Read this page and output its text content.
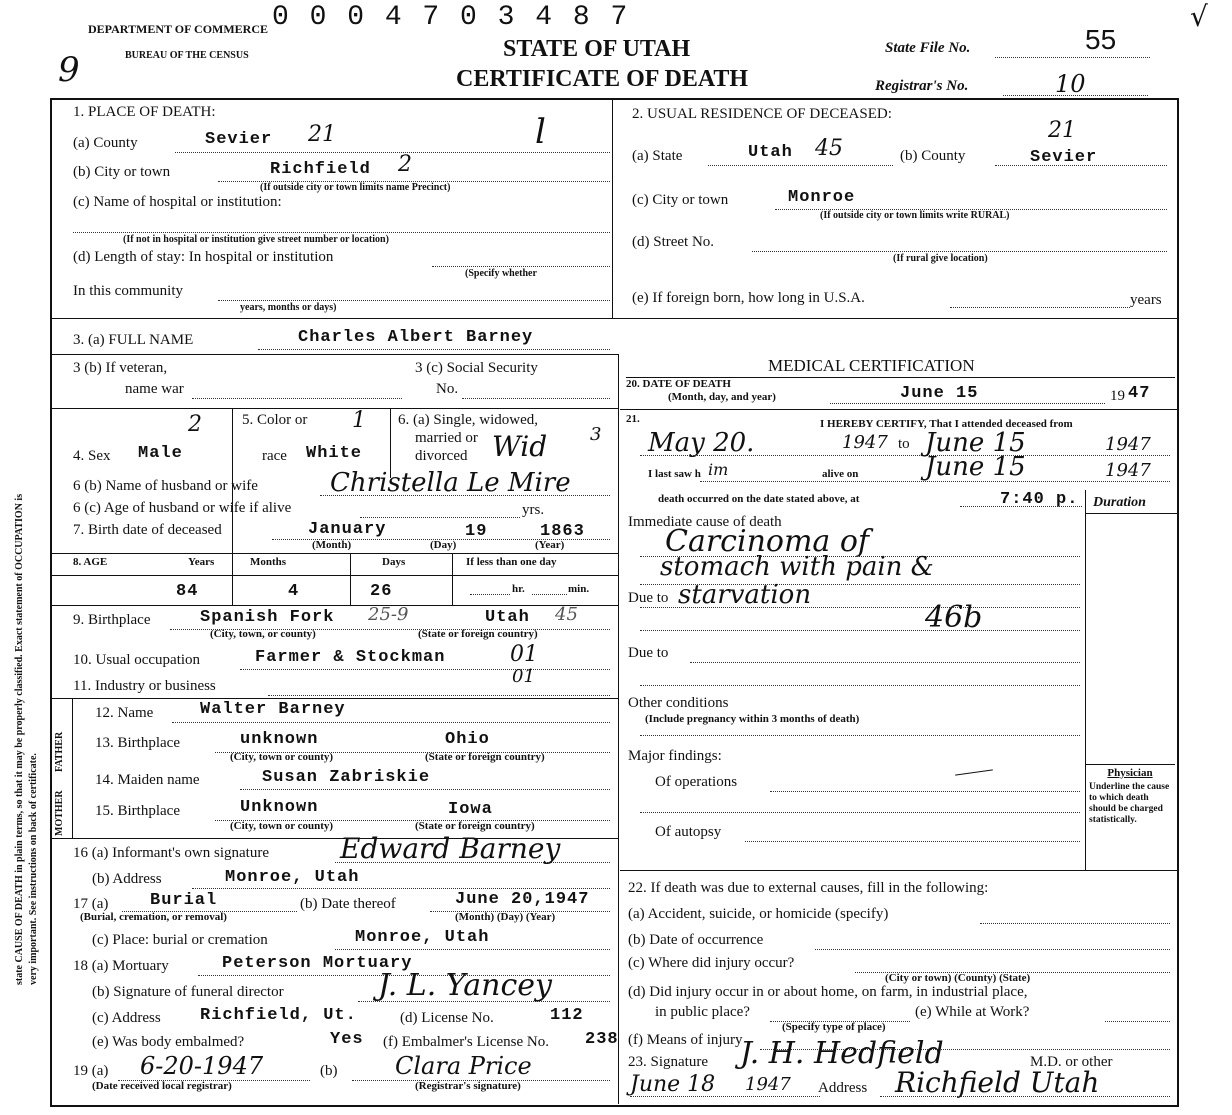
state CAUSE OF DEATH in plain terms, so that it may be properly classified. Exact statement of OCCUPATION is very important. See instructions on back of certificate.
DEPARTMENT OF COMMERCE
BUREAU OF THE CENSUS
9
0 0 0 4 7 0 3 4 8 7
STATE OF UTAH
CERTIFICATE OF DEATH
State File No.	55
Registrar's No.	10
√
1. PLACE OF DEATH:
(a) County	Sevier 21	l
(b) City or town	Richfield 2
(If outside city or town limits name Precinct)
(c) Name of hospital or institution:
(If not in hospital or institution give street number or location)
(d) Length of stay: In hospital or institution
(Specify whether
In this community
years, months or days)
2. USUAL RESIDENCE OF DECEASED:
(a) State	Utah 45	(b) County	Sevier
21
(c) City or town	Monroe
(If outside city or town limits write RURAL)
(d) Street No.
(If rural give location)
(e) If foreign born, how long in U.S.A.	years
3. (a) FULL NAME	Charles Albert Barney
3 (b) If veteran,
name war
3 (c) Social Security
No.
2
4. Sex Male
5. Color or 1
race White
6. (a) Single, widowed,
married or
divorced Wid 3
6 (b) Name of husband or wife	Christella Le Mire
6 (c) Age of husband or wife if alive	yrs.
7. Birth date of deceased	January	19	1863
(Month)	(Day)	(Year)
8. AGE	Years	Months	Days	If less than one day
84	4	26	hr.	min.
9. Birthplace	Spanish Fork 25-9	Utah 45
(City, town, or county)	(State or foreign country)
10. Usual occupation	Farmer & Stockman	01
11. Industry or business	01
FATHER
MOTHER
12. Name	Walter Barney
13. Birthplace	unknown	Ohio
(City, town or county)	(State or foreign country)
14. Maiden name	Susan Zabriskie
15. Birthplace	Unknown	Iowa
(City, town or county)	(State or foreign country)
16 (a) Informant's own signature	Edward Barney
(b) Address	Monroe, Utah
17 (a) Burial
(Burial, cremation, or removal)
(b) Date thereof	June 20,1947
(Month) (Day) (Year)
(c) Place: burial or cremation	Monroe, Utah
18 (a) Mortuary	Peterson Mortuary
(b) Signature of funeral director	J. L. Yancey
(c) Address Richfield, Ut.	(d) License No.	112
(e) Was body embalmed?	Yes (f) Embalmer's License No. 238
19 (a) 6-20-1947
(Date received local registrar)
(b) Clara Price
(Registrar's signature)
MEDICAL CERTIFICATION
20. DATE OF DEATH
(Month, day, and year)	June 15	19 47
21.	I HEREBY CERTIFY, That I attended deceased from
May 20.	1947 to June 15	1947
I last saw h im	alive on	June 15	1947
death occurred on the date stated above, at	7:40 p. Duration
Immediate cause of death
Carcinoma of
stomach with pain &
Due to starvation
46b
Due to
Other conditions
(Include pregnancy within 3 months of death)
Major findings:
Of operations
Of autopsy
Physician
Underline the cause to which death should be charged statistically.
22. If death was due to external causes, fill in the following:
(a) Accident, suicide, or homicide (specify)
(b) Date of occurrence
(c) Where did injury occur?
(City or town) (County) (State)
(d) Did injury occur in or about home, on farm, in industrial place,
in public place?
(Specify type of place)
(e) While at Work?
(f) Means of injury
23. Signature J. H. Hedfield	M.D. or other
June 18 1947 Address Richfield Utah
